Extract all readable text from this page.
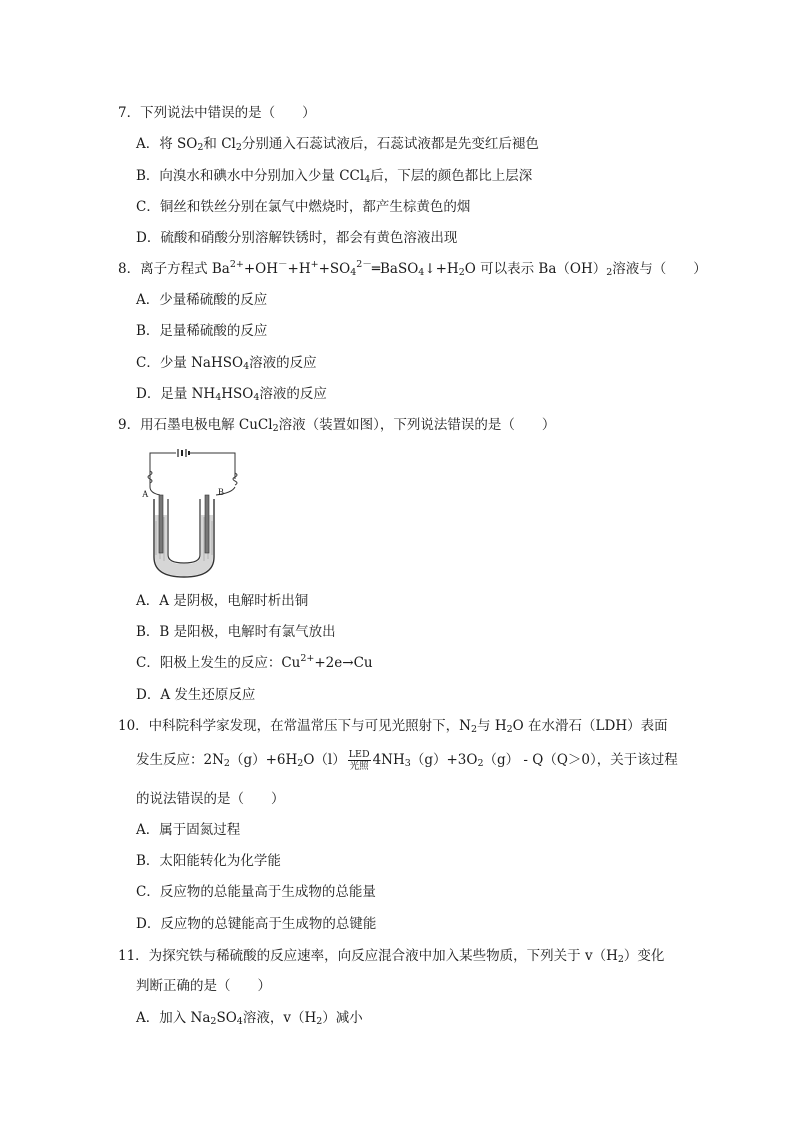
7．下列说法中错误的是（　　）
A．将 $SO_2$和 $Cl_2$分别通入石蕊试液后，石蕊试液都是先变红后褪色
B．向溴水和碘水中分别加入少量 CCl$_4$后，下层的颜色都比上层深
C．铜丝和铁丝分别在氯气中燃烧时，都产生棕黄色的烟
D．硫酸和硝酸分别溶解铁锈时，都会有黄色溶液出现
8．离子方程式 $Ba^{2+}+OH^-+H^++SO_4^{2-}═BaSO_4↓+H_2O$ 可以表示 $Ba(OH)_2$溶液与（　　）
A．少量稀硫酸的反应
B．足量稀硫酸的反应
C．少量 NaHSO$_4$溶液的反应
D．足量 $NH_4HSO_4$溶液的反应
9．用石墨电极电解 CuCl$_2$溶液（装置如图），下列说法错误的是（　　）
A	B
A．A 是阴极，电解时析出铜
B．B 是阳极，电解时有氯气放出
C．阳极上发生的反应：$Cu^{2+}+2e\to Cu$
D．A 发生还原反应
10．中科院科学家发现，在常温常压下与可见光照射下，$N_2$与 $H_2O$ 在水滑石（LDH）表面
发生反应：$2N_2(g)+6H_2O(l) \frac{\text{LED}}{\text{光照}} 4NH_3(g)+3O_2(g) - Q(Q>0)$，关于该过程
的说法错误的是（　　）
A．属于固氮过程
B．太阳能转化为化学能
C．反应物的总能量高于生成物的总能量
D．反应物的总键能高于生成物的总键能
11．为探究铁与稀硫酸的反应速率，向反应混合液中加入某些物质，下列关于 $v(H_2)$变化
判断正确的是（　　）
A．加入 $Na_2SO_4$溶液，$v(H_2)$减小
